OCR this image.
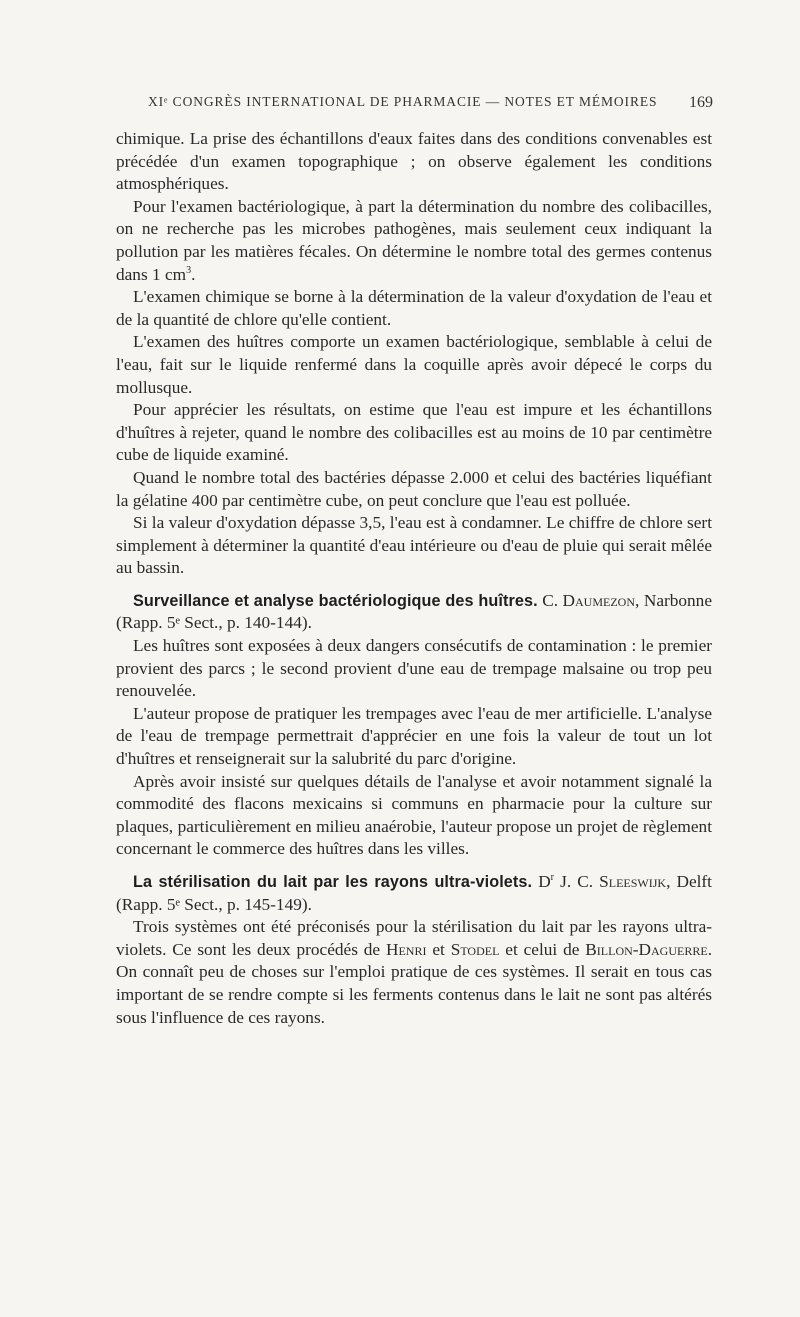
XIᵉ CONGRÈS INTERNATIONAL DE PHARMACIE — NOTES ET MÉMOIRES 169

chimique. La prise des échantillons d'eaux faites dans des conditions convenables est précédée d'un examen topographique ; on observe également les conditions atmosphériques.

Pour l'examen bactériologique, à part la détermination du nombre des colibacilles, on ne recherche pas les microbes pathogènes, mais seulement ceux indiquant la pollution par les matières fécales. On détermine le nombre total des germes contenus dans 1 $cm^3$.

L'examen chimique se borne à la détermination de la valeur d'oxydation de l'eau et de la quantité de chlore qu'elle contient.

L'examen des huîtres comporte un examen bactériologique, semblable à celui de l'eau, fait sur le liquide renfermé dans la coquille après avoir dépecé le corps du mollusque.

Pour apprécier les résultats, on estime que l'eau est impure et les échantillons d'huîtres à rejeter, quand le nombre des colibacilles est au moins de 10 par centimètre cube de liquide examiné.

Quand le nombre total des bactéries dépasse 2.000 et celui des bactéries liquéfiant la gélatine 400 par centimètre cube, on peut conclure que l'eau est polluée.

Si la valeur d'oxydation dépasse 3,5, l'eau est à condamner. Le chiffre de chlore sert simplement à déterminer la quantité d'eau intérieure ou d'eau de pluie qui serait mêlée au bassin.

Surveillance et analyse bactériologique des huîtres. C. Daumezon, Narbonne (Rapp. 5ᵉ Sect., p. 140-144).

Les huîtres sont exposées à deux dangers consécutifs de contamination : le premier provient des parcs ; le second provient d'une eau de trempage malsaine ou trop peu renouvelée.

L'auteur propose de pratiquer les trempages avec l'eau de mer artificielle. L'analyse de l'eau de trempage permettrait d'apprécier en une fois la valeur de tout un lot d'huîtres et renseignerait sur la salubrité du parc d'origine.

Après avoir insisté sur quelques détails de l'analyse et avoir notamment signalé la commodité des flacons mexicains si communs en pharmacie pour la culture sur plaques, particulièrement en milieu anaérobie, l'auteur propose un projet de règlement concernant le commerce des huîtres dans les villes.

La stérilisation du lait par les rayons ultra-violets. $D^r$ J. C. Sleeswijk, Delft (Rapp. 5ᵉ Sect., p. 145-149).

Trois systèmes ont été préconisés pour la stérilisation du lait par les rayons ultra-violets. Ce sont les deux procédés de Henri et Stodel et celui de Billon-Daguerre. On connaît peu de choses sur l'emploi pratique de ces systèmes. Il serait en tous cas important de se rendre compte si les ferments contenus dans le lait ne sont pas altérés sous l'influence de ces rayons.
